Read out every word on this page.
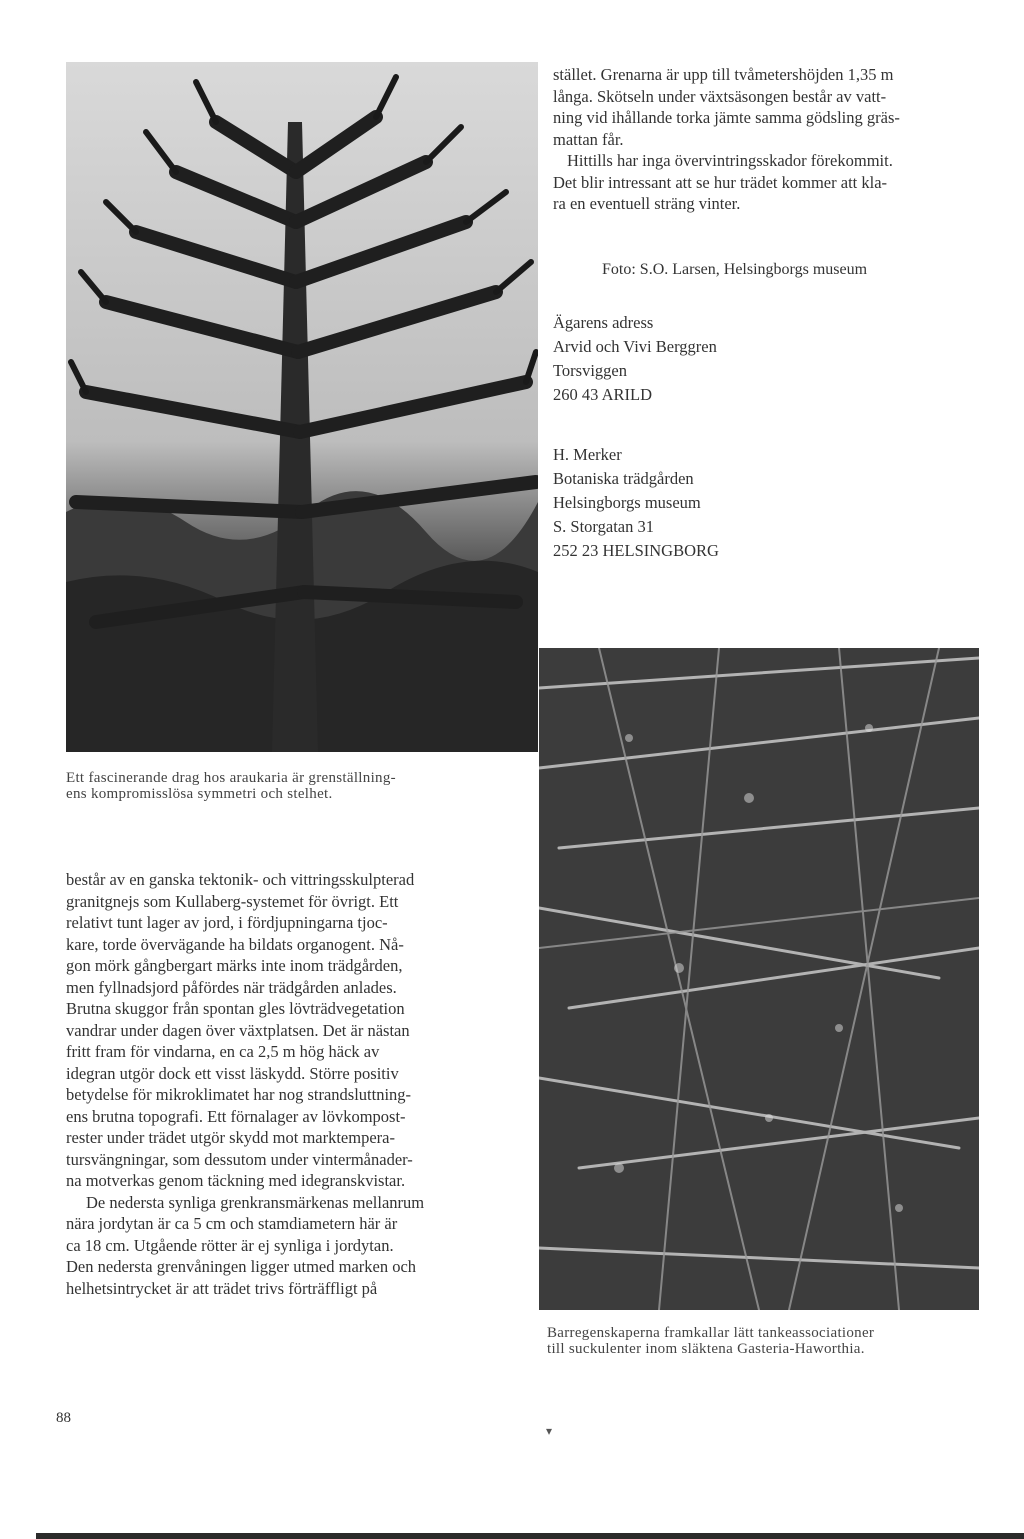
stället. Grenarna är upp till tvåmetershöjden 1,35 m

långa. Skötseln under växtsäsongen består av vatt-

ning vid ihållande torka jämte samma gödsling gräs-

mattan får.

Hittills har inga övervintringsskador förekommit.

Det blir intressant att se hur trädet kommer att kla-

ra en eventuell sträng vinter.

Foto: S.O. Larsen, Helsingborgs museum

Ägarens adress

Arvid och Vivi Berggren

Torsviggen

260 43 ARILD

H. Merker

Botaniska trädgården

Helsingborgs museum

S. Storgatan 31

252 23 HELSINGBORG

Ett fascinerande drag hos araukaria är grenställning-
ens kompromisslösa symmetri och stelhet.

består av en ganska tektonik- och vittringsskulpterad

granitgnejs som Kullaberg-systemet för övrigt. Ett

relativt tunt lager av jord, i fördjupningarna tjoc-

kare, torde övervägande ha bildats organogent. Nå-

gon mörk gångbergart märks inte inom trädgården,

men fyllnadsjord påfördes när trädgården anlades.

Brutna skuggor från spontan gles lövträdvegetation

vandrar under dagen över växtplatsen. Det är nästan

fritt fram för vindarna, en ca 2,5 m hög häck av

idegran utgör dock ett visst läskydd. Större positiv

betydelse för mikroklimatet har nog strandsluttning-

ens brutna topografi. Ett förnalager av lövkompost-

rester under trädet utgör skydd mot marktempera-

tursvängningar, som dessutom under vintermånader-

na motverkas genom täckning med idegranskvistar.

De nedersta synliga grenkransmärkenas mellanrum

nära jordytan är ca 5 cm och stamdiametern här är

ca 18 cm. Utgående rötter är ej synliga i jordytan.

Den nedersta grenvåningen ligger utmed marken och

helhetsintrycket är att trädet trivs förträffligt på

Barregenskaperna framkallar lätt tankeassociationer
till suckulenter inom släktena Gasteria-Haworthia.
88
▾
